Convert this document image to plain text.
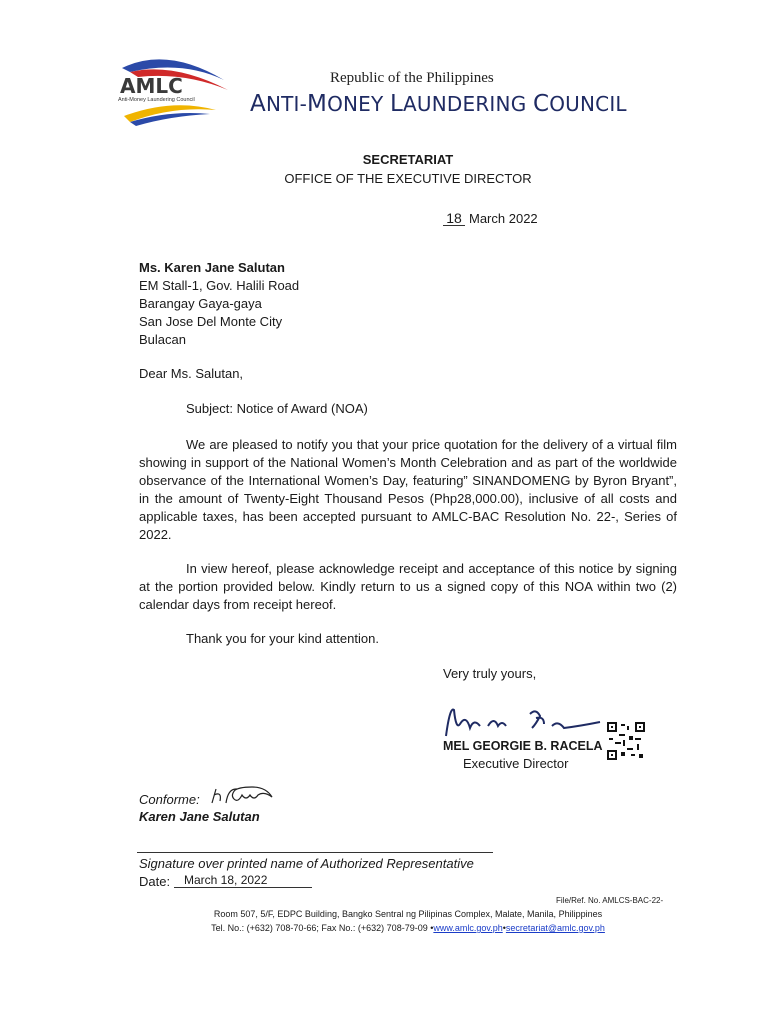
AMLC
Anti-Money Laundering Council
Republic of the Philippines
ANTI-MONEY LAUNDERING COUNCIL
SECRETARIAT
OFFICE OF THE EXECUTIVE DIRECTOR
18 March 2022
Ms. Karen Jane Salutan
EM Stall-1, Gov. Halili Road
Barangay Gaya-gaya
San Jose Del Monte City
Bulacan
Dear Ms. Salutan,
Subject: Notice of Award (NOA)
We are pleased to notify you that your price quotation for the delivery of a virtual film showing in support of the National Women’s Month Celebration and as part of the worldwide observance of the International Women’s Day, featuring” SINANDOMENG by Byron Bryant”, in the amount of Twenty-Eight Thousand Pesos (Php28,000.00), inclusive of all costs and applicable taxes, has been accepted pursuant to AMLC-BAC Resolution No. 22-, Series of 2022.
In view hereof, please acknowledge receipt and acceptance of this notice by signing at the portion provided below. Kindly return to us a signed copy of this NOA within two (2) calendar days from receipt hereof.
Thank you for your kind attention.
Very truly yours,
MEL GEORGIE B. RACELA
Executive Director
Conforme:
Karen Jane Salutan
Signature over printed name of Authorized Representative
Date:	March 18, 2022
File/Ref. No. AMLCS-BAC-22-
Room 507, 5/F, EDPC Building, Bangko Sentral ng Pilipinas Complex, Malate, Manila, Philippines
Tel. No.: (+632) 708-70-66; Fax No.: (+632) 708-79-09 •www.amlc.gov.ph•secretariat@amlc.gov.ph
